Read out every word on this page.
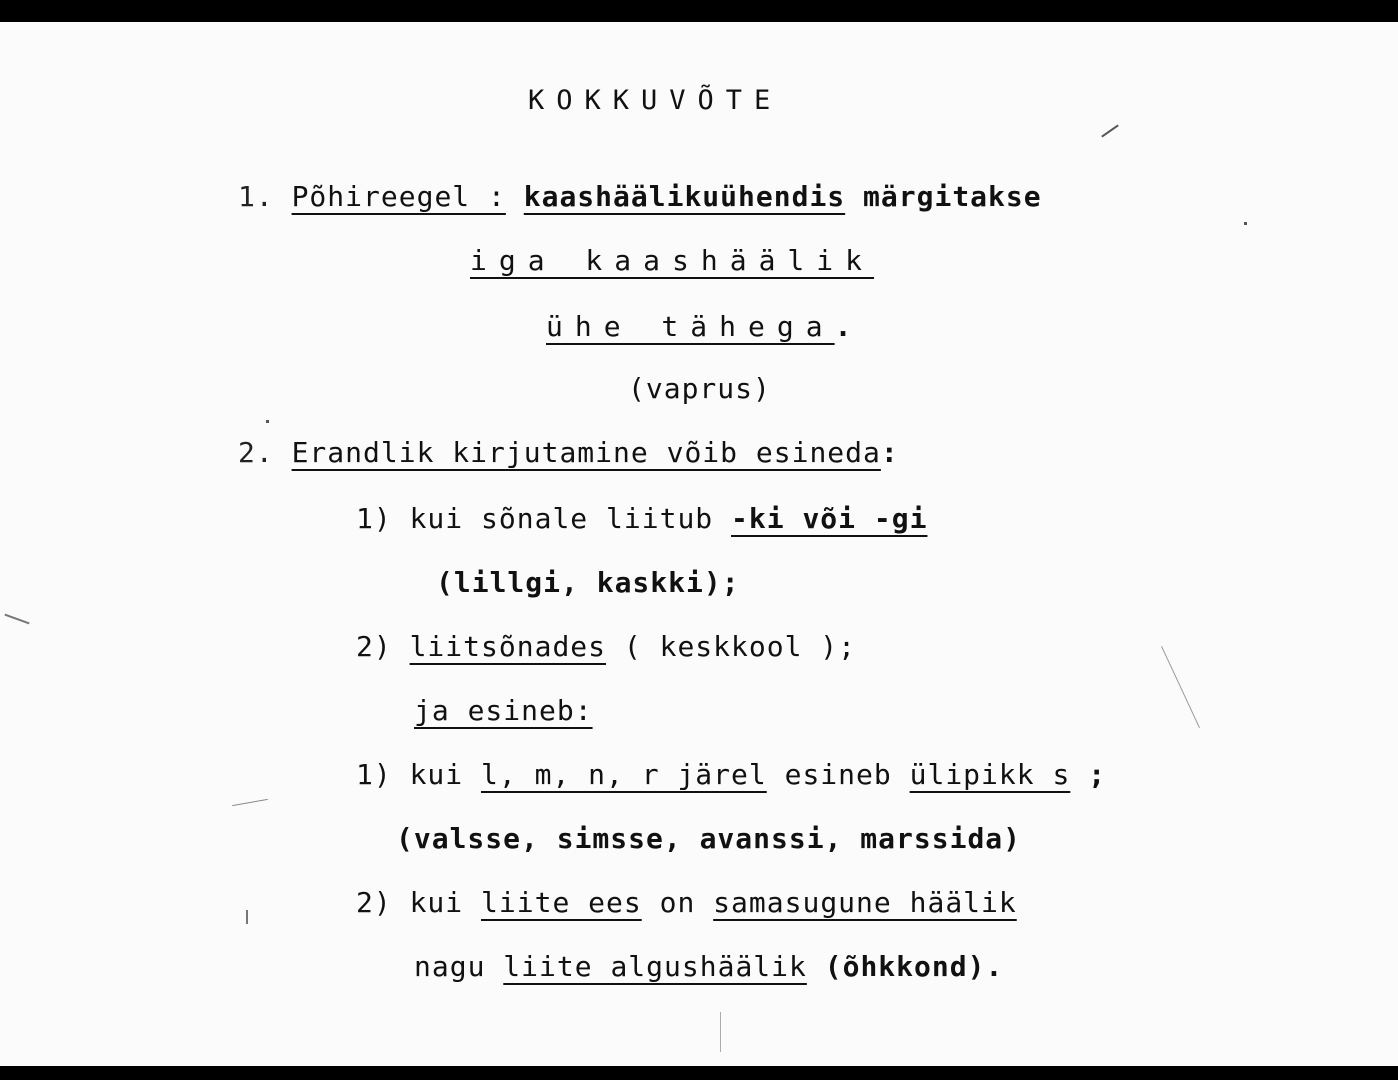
KOKKUVÕTE

1. Põhireegel : kaashäälikuühendis märgitakse

iga kaashäälik

ühe tähega.

(vaprus)

2. Erandlik kirjutamine võib esineda:

1) kui sõnale liitub -ki või -gi

(lillgi, kaskki);

2) liitsõnades ( keskkool );

ja esineb:

1) kui l, m, n, r järel esineb ülipikk s ;

(valsse, simsse, avanssi, marssida)

2) kui liite ees on samasugune häälik

nagu liite algushäälik (õhkkond).
